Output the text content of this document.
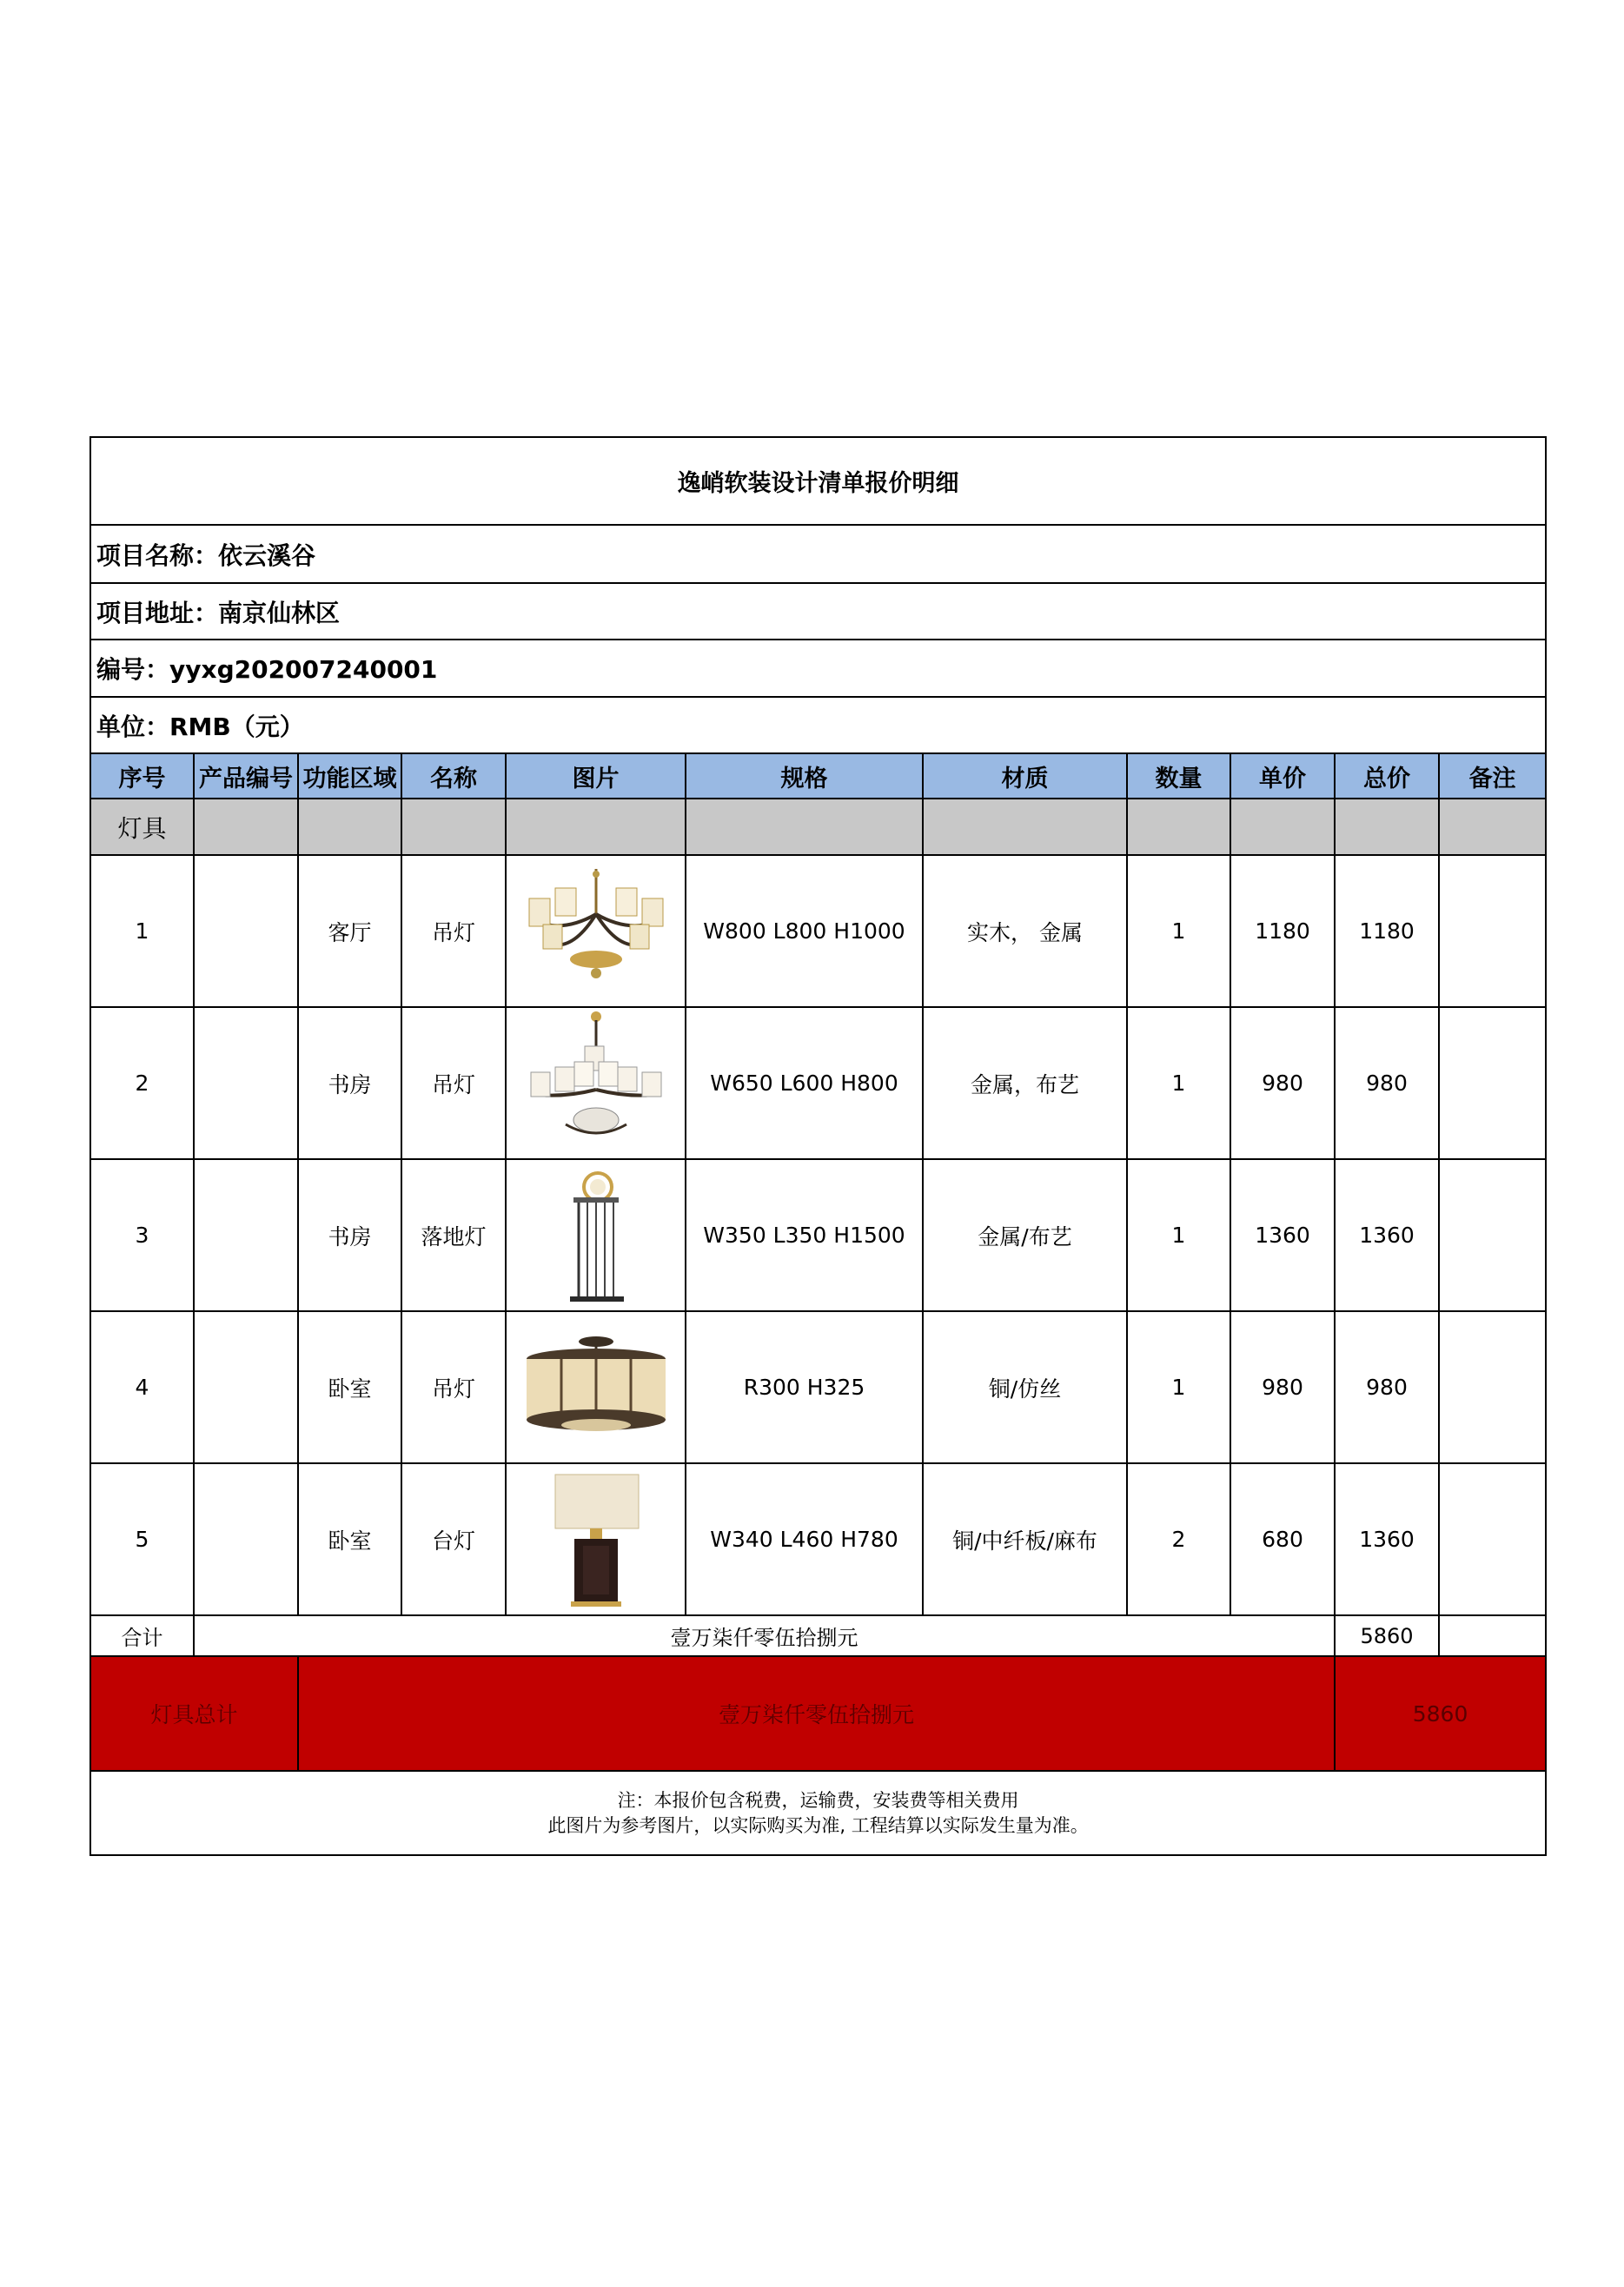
逸峭软装设计清单报价明细										
项目名称：依云溪谷										
项目地址：南京仙林区										
编号：yyxg202007240001										
单位：RMB（元）										
序号	产品编号	功能区域	名称	图片	规格	材质	数量	单价	总价	备注
灯具										
1		客厅	吊灯		W800 L800 H1000	实木， 金属	1	1180	1180	
2		书房	吊灯		W650 L600 H800	金属，布艺	1	980	980	
3		书房	落地灯		W350 L350 H1500	金属/布艺	1	1360	1360	
4		卧室	吊灯		R300 H325	铜/仿丝	1	980	980	
5		卧室	台灯		W340 L460 H780	铜/中纤板/麻布	2	680	1360	
合计	壹万柒仟零伍拾捌元								5860	
灯具总计		壹万柒仟零伍拾捌元							5860	

注：本报价包含税费，运输费，安装费等相关费用
此图片为参考图片，以实际购买为准, 工程结算以实际发生量为准。										
